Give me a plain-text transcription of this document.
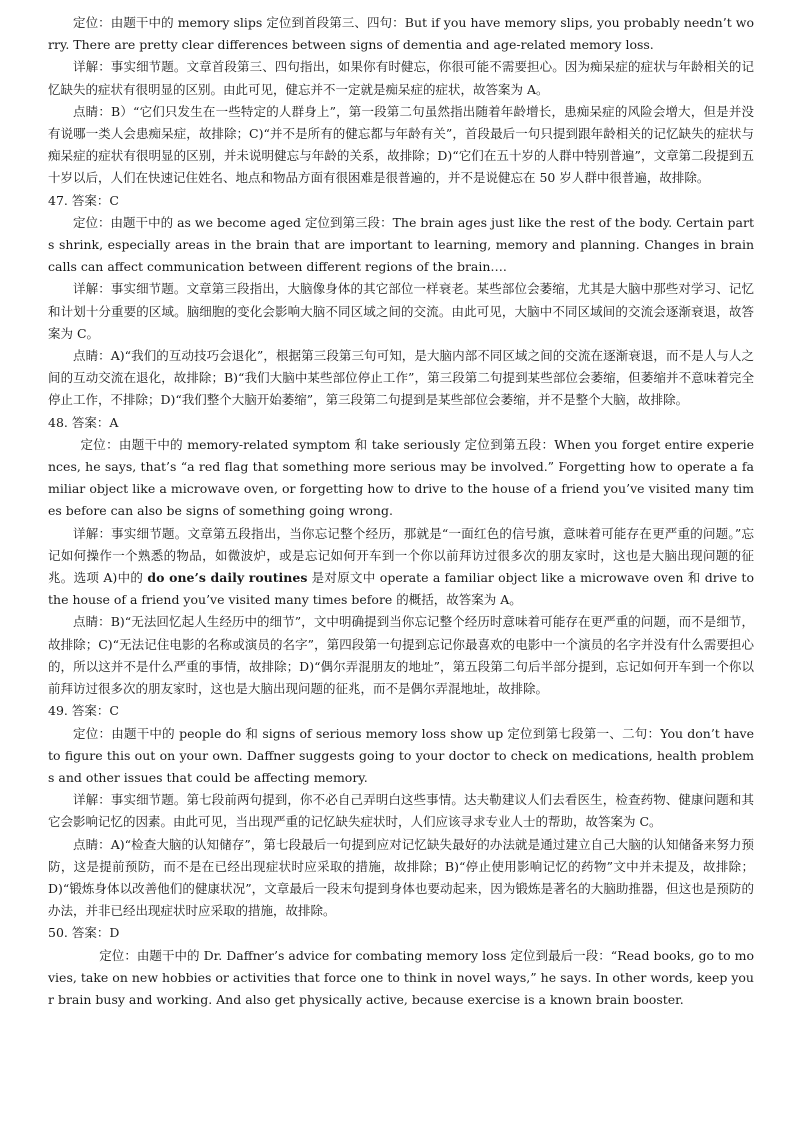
定位：由题干中的 memory slips 定位到首段第三、四句：But if you have memory slips, you probably needn’t worry. There are pretty clear differences between signs of dementia and age-related memory loss.

详解：事实细节题。文章首段第三、四句指出，如果你有时健忘，你很可能不需要担心。因为痴呆症的症状与年龄相关的记忆缺失的症状有很明显的区别。由此可见，健忘并不一定就是痴呆症的症状，故答案为 A。

点睛：B）“它们只发生在一些特定的人群身上”，第一段第二句虽然指出随着年龄增长，患痴呆症的风险会增大，但是并没有说哪一类人会患痴呆症，故排除；C)“并不是所有的健忘都与年龄有关”，首段最后一句只提到跟年龄相关的记忆缺失的症状与痴呆症的症状有很明显的区别，并未说明健忘与年龄的关系，故排除；D)“它们在五十岁的人群中特别普遍”，文章第二段提到五十岁以后，人们在快速记住姓名、地点和物品方面有很困难是很普遍的，并不是说健忘在 50 岁人群中很普遍，故排除。

47. 答案：C

定位：由题干中的 as we become aged 定位到第三段：The brain ages just like the rest of the body. Certain parts shrink, especially areas in the brain that are important to learning, memory and planning. Changes in brain calls can affect communication between different regions of the brain….

详解：事实细节题。文章第三段指出，大脑像身体的其它部位一样衰老。某些部位会萎缩，尤其是大脑中那些对学习、记忆和计划十分重要的区域。脑细胞的变化会影响大脑不同区域之间的交流。由此可见，大脑中不同区域间的交流会逐渐衰退，故答案为 C。

点睛：A)“我们的互动技巧会退化”，根据第三段第三句可知，是大脑内部不同区域之间的交流在逐渐衰退，而不是人与人之间的互动交流在退化，故排除；B)“我们大脑中某些部位停止工作”，第三段第二句提到某些部位会萎缩，但萎缩并不意味着完全停止工作，不排除；D)“我们整个大脑开始萎缩”，第三段第二句提到是某些部位会萎缩，并不是整个大脑，故排除。

48. 答案：A

定位：由题干中的 memory-related symptom 和 take seriously 定位到第五段：When you forget entire experiences, he says, that’s “a red flag that something more serious may be involved.” Forgetting how to operate a familiar object like a microwave oven, or forgetting how to drive to the house of a friend you’ve visited many times before can also be signs of something going wrong.

详解：事实细节题。文章第五段指出，当你忘记整个经历，那就是“一面红色的信号旗，意味着可能存在更严重的问题。”忘记如何操作一个熟悉的物品，如微波炉，或是忘记如何开车到一个你以前拜访过很多次的朋友家时，这也是大脑出现问题的征兆。选项 A)中的 do one’s daily routines 是对原文中 operate a familiar object like a microwave oven 和 drive to the house of a friend you’ve visited many times before 的概括，故答案为 A。

点睛：B)“无法回忆起人生经历中的细节”，文中明确提到当你忘记整个经历时意味着可能存在更严重的问题，而不是细节，故排除；C)“无法记住电影的名称或演员的名字”，第四段第一句提到忘记你最喜欢的电影中一个演员的名字并没有什么需要担心的，所以这并不是什么严重的事情，故排除；D)“偶尔弄混朋友的地址”，第五段第二句后半部分提到，忘记如何开车到一个你以前拜访过很多次的朋友家时，这也是大脑出现问题的征兆，而不是偶尔弄混地址，故排除。

49. 答案：C

定位：由题干中的 people do 和 signs of serious memory loss show up 定位到第七段第一、二句：You don’t have to figure this out on your own. Daffner suggests going to your doctor to check on medications, health problems and other issues that could be affecting memory.

详解：事实细节题。第七段前两句提到，你不必自己弄明白这些事情。达夫勒建议人们去看医生，检查药物、健康问题和其它会影响记忆的因素。由此可见，当出现严重的记忆缺失症状时，人们应该寻求专业人士的帮助，故答案为 C。

点睛：A)“检查大脑的认知储存”，第七段最后一句提到应对记忆缺失最好的办法就是通过建立自己大脑的认知储备来努力预防，这是提前预防，而不是在已经出现症状时应采取的措施，故排除；B)“停止使用影响记忆的药物”文中并未提及，故排除；D)“锻炼身体以改善他们的健康状况”，文章最后一段末句提到身体也要动起来，因为锻炼是著名的大脑助推器，但这也是预防的办法，并非已经出现症状时应采取的措施，故排除。

50. 答案：D

定位：由题干中的 Dr. Daffner’s advice for combating memory loss 定位到最后一段：“Read books, go to movies, take on new hobbies or activities that force one to think in novel ways,” he says. In other words, keep your brain busy and working. And also get physically active, because exercise is a known brain booster.
